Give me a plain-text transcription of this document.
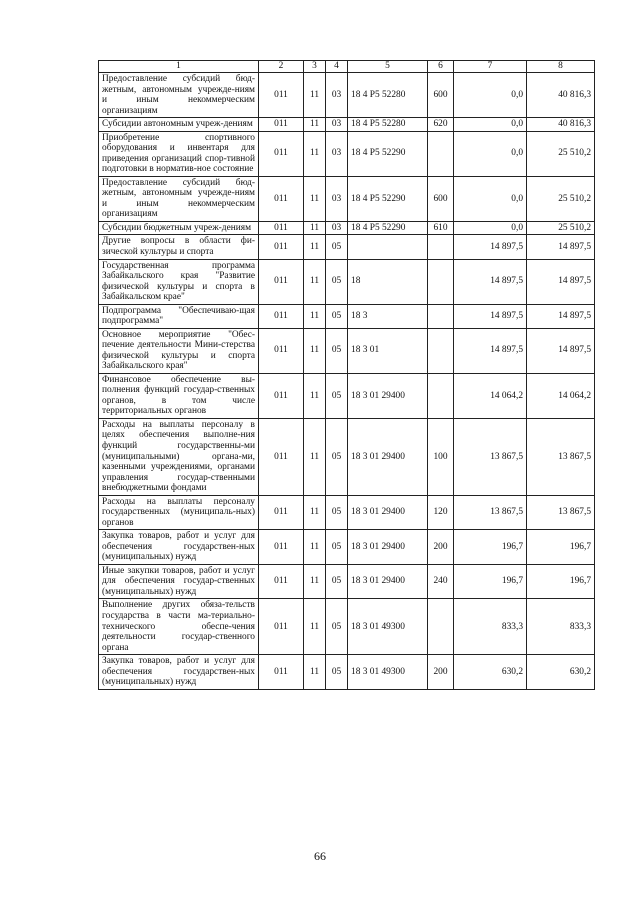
1	2	3	4	5	6	7	8
Предоставление субсидий бюд-жетным, автономным учрежде-ниям и иным некоммерческим организациям	011	11	03	18 4 P5 52280	600	0,0	40 816,3
Субсидии автономным учреж-дениям	011	11	03	18 4 P5 52280	620	0,0	40 816,3
Приобретение спортивного оборудования и инвентаря для приведения организаций спор-тивной подготовки в норматив-ное состояние	011	11	03	18 4 P5 52290		0,0	25 510,2
Предоставление субсидий бюд-жетным, автономным учрежде-ниям и иным некоммерческим организациям	011	11	03	18 4 P5 52290	600	0,0	25 510,2
Субсидии бюджетным учреж-дениям	011	11	03	18 4 P5 52290	610	0,0	25 510,2
Другие вопросы в области фи-зической культуры и спорта	011	11	05			14 897,5	14 897,5
Государственная программа Забайкальского края "Развитие физической культуры и спорта в Забайкальском крае"	011	11	05	18		14 897,5	14 897,5
Подпрограмма "Обеспечиваю-щая подпрограмма"	011	11	05	18 3		14 897,5	14 897,5
Основное мероприятие "Обес-печение деятельности Мини-стерства физической культуры и спорта Забайкальского края"	011	11	05	18 3 01		14 897,5	14 897,5
Финансовое обеспечение вы-полнения функций государ-ственных органов, в том числе территориальных органов	011	11	05	18 3 01 29400		14 064,2	14 064,2
Расходы на выплаты персоналу в целях обеспечения выполне-ния функций государственны-ми (муниципальными) органа-ми, казенными учреждениями, органами управления государ-ственными внебюджетными фондами	011	11	05	18 3 01 29400	100	13 867,5	13 867,5
Расходы на выплаты персоналу государственных (муниципаль-ных) органов	011	11	05	18 3 01 29400	120	13 867,5	13 867,5
Закупка товаров, работ и услуг для обеспечения государствен-ных (муниципальных) нужд	011	11	05	18 3 01 29400	200	196,7	196,7
Иные закупки товаров, работ и услуг для обеспечения государ-ственных (муниципальных) нужд	011	11	05	18 3 01 29400	240	196,7	196,7
Выполнение других обяза-тельств государства в части ма-териально-технического обеспе-чения деятельности государ-ственного органа	011	11	05	18 3 01 49300		833,3	833,3
Закупка товаров, работ и услуг для обеспечения государствен-ных (муниципальных) нужд	011	11	05	18 3 01 49300	200	630,2	630,2
66
